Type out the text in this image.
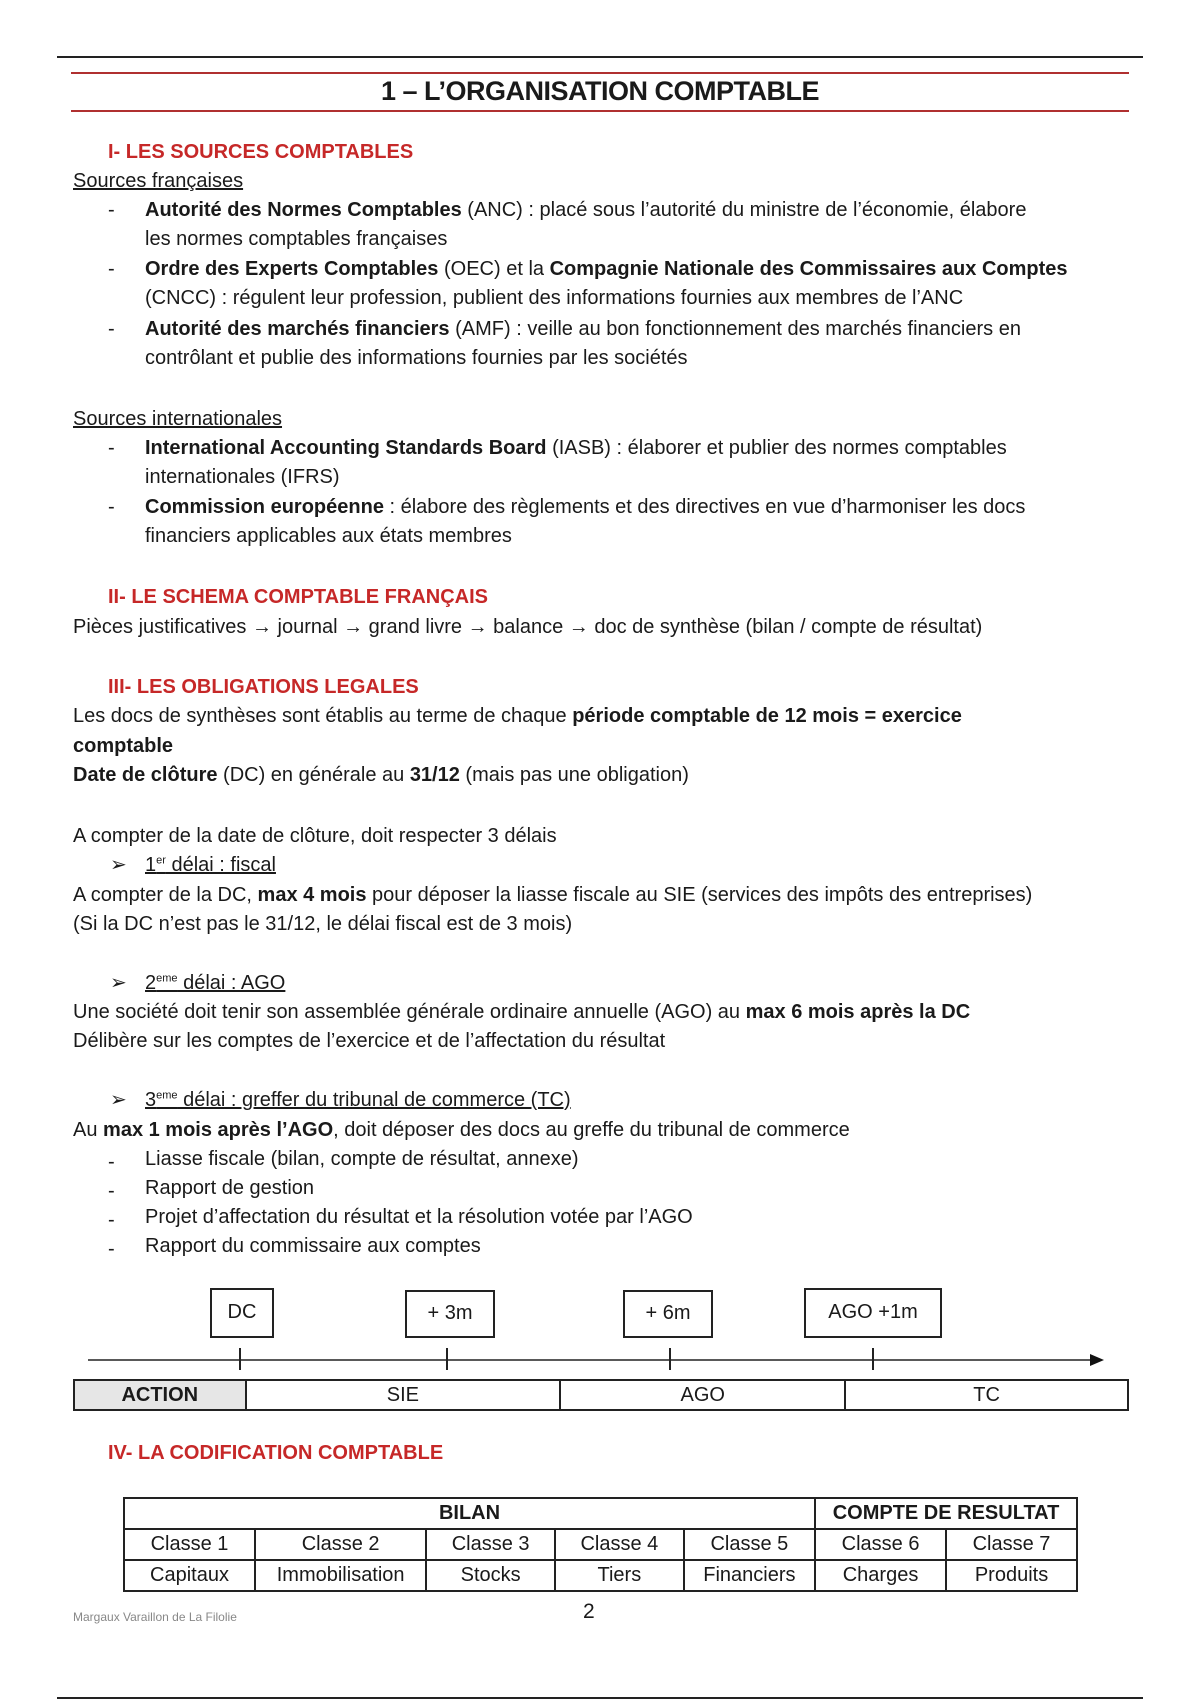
1 – L’ORGANISATION COMPTABLE
I- LES SOURCES COMPTABLES
Sources françaises
- Autorité des Normes Comptables (ANC) : placé sous l’autorité du ministre de l’économie, élabore
les normes comptables françaises
- Ordre des Experts Comptables (OEC) et la Compagnie Nationale des Commissaires aux Comptes
(CNCC) : régulent leur profession, publient des informations fournies aux membres de l’ANC
- Autorité des marchés financiers (AMF) : veille au bon fonctionnement des marchés financiers en
contrôlant et publie des informations fournies par les sociétés
Sources internationales
- International Accounting Standards Board (IASB) : élaborer et publier des normes comptables
internationales (IFRS)
- Commission européenne : élabore des règlements et des directives en vue d’harmoniser les docs
financiers applicables aux états membres
II- LE SCHEMA COMPTABLE FRANÇAIS
Pièces justificatives → journal → grand livre → balance → doc de synthèse (bilan / compte de résultat)
III- LES OBLIGATIONS LEGALES
Les docs de synthèses sont établis au terme de chaque période comptable de 12 mois = exercice
comptable
Date de clôture (DC) en générale au 31/12 (mais pas une obligation)
A compter de la date de clôture, doit respecter 3 délais
➢ 1er délai : fiscal
A compter de la DC, max 4 mois pour déposer la liasse fiscale au SIE (services des impôts des entreprises)
(Si la DC n’est pas le 31/12, le délai fiscal est de 3 mois)
➢ 2eme délai : AGO
Une société doit tenir son assemblée générale ordinaire annuelle (AGO) au max 6 mois après la DC
Délibère sur les comptes de l’exercice et de l’affectation du résultat
➢ 3eme délai : greffer du tribunal de commerce (TC)
Au max 1 mois après l’AGO, doit déposer des docs au greffe du tribunal de commerce
- Liasse fiscale (bilan, compte de résultat, annexe)
- Rapport de gestion
- Projet d’affectation du résultat et la résolution votée par l’AGO
- Rapport du commissaire aux comptes
DC	+ 3m	+ 6m	AGO +1m
ACTION	SIE	AGO	TC
IV- LA CODIFICATION COMPTABLE
BILAN					COMPTE DE RESULTAT	
Classe 1	Classe 2	Classe 3	Classe 4	Classe 5	Classe 6	Classe 7
Capitaux	Immobilisation	Stocks	Tiers	Financiers	Charges	Produits
Margaux Varaillon de La Filolie	2
